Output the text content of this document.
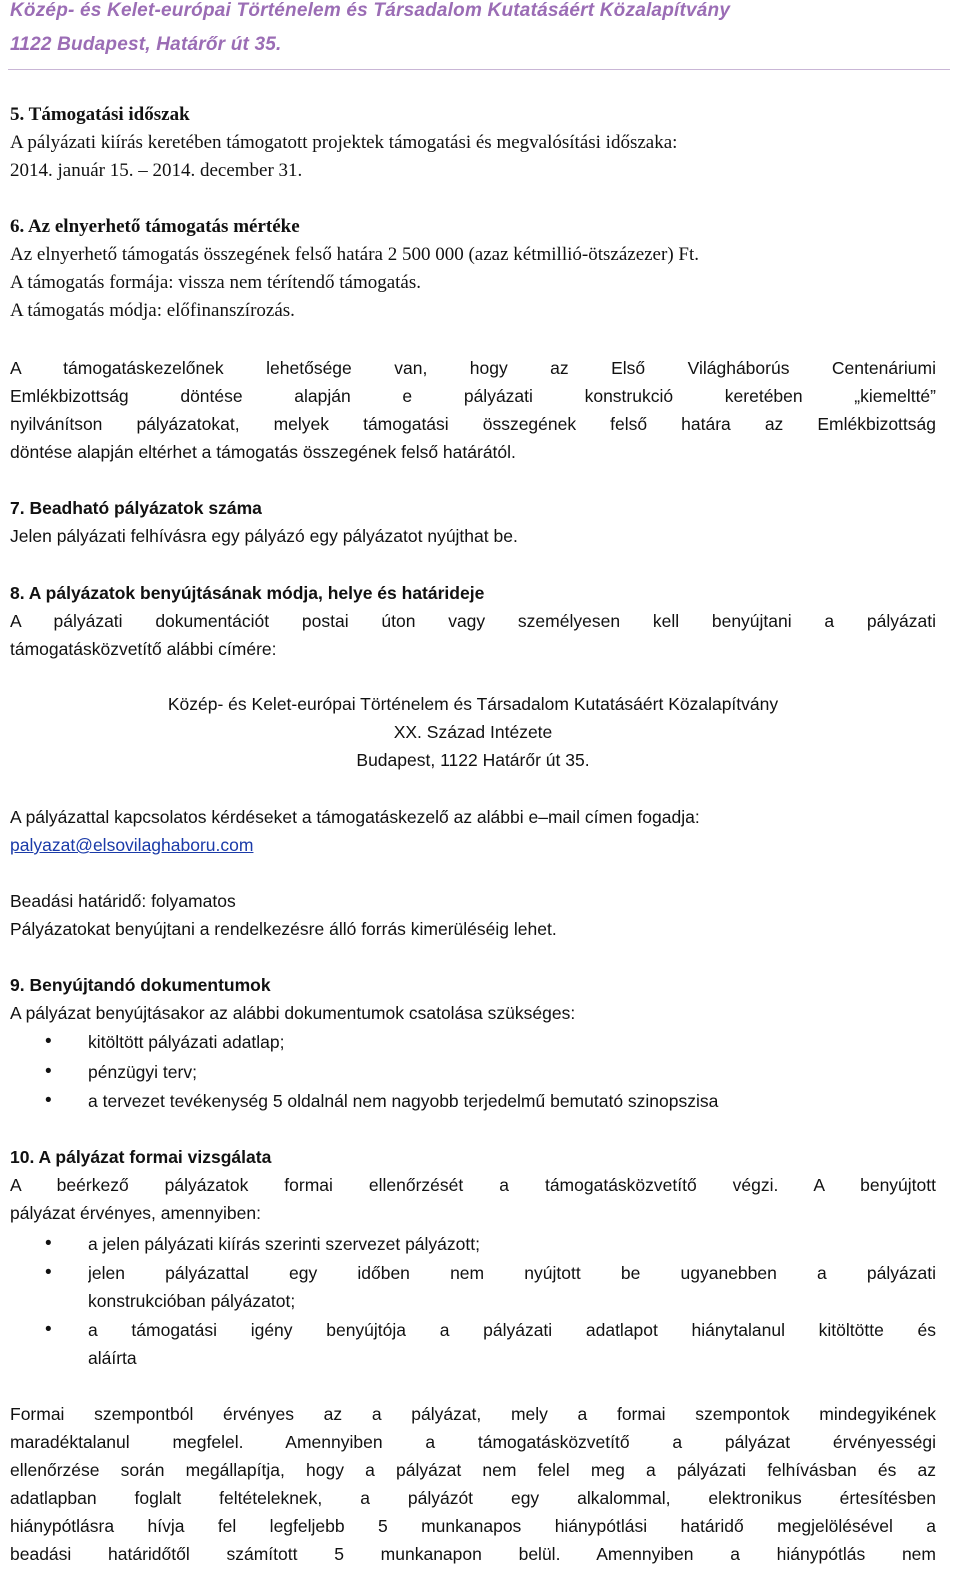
Közép- és Kelet-európai Történelem és Társadalom Kutatásáért Közalapítvány
1122 Budapest, Határőr út 35.
5. Támogatási időszak
A pályázati kiírás keretében támogatott projektek támogatási és megvalósítási időszaka:
2014. január 15. – 2014. december 31.
6. Az elnyerhető támogatás mértéke
Az elnyerhető támogatás összegének felső határa 2 500 000 (azaz kétmillió-ötszázezer) Ft.
A támogatás formája: vissza nem térítendő támogatás.
A támogatás módja: előfinanszírozás.
A támogatáskezelőnek lehetősége van, hogy az Első Világháborús Centenáriumi
Emlékbizottság döntése alapján e pályázati konstrukció keretében „kiemeltté”
nyilvánítson pályázatokat, melyek támogatási összegének felső határa az Emlékbizottság
döntése alapján eltérhet a támogatás összegének felső határától.
7. Beadható pályázatok száma
Jelen pályázati felhívásra egy pályázó egy pályázatot nyújthat be.
8. A pályázatok benyújtásának módja, helye és határideje
A pályázati dokumentációt postai úton vagy személyesen kell benyújtani a pályázati
támogatásközvetítő alábbi címére:
Közép- és Kelet-európai Történelem és Társadalom Kutatásáért Közalapítvány
XX. Század Intézete
Budapest, 1122 Határőr út 35.
A pályázattal kapcsolatos kérdéseket a támogatáskezelő az alábbi e–mail címen fogadja:
palyazat@elsovilaghaboru.com
Beadási határidő: folyamatos
Pályázatokat benyújtani a rendelkezésre álló forrás kimerüléséig lehet.
9. Benyújtandó dokumentumok
A pályázat benyújtásakor az alábbi dokumentumok csatolása szükséges:
• kitöltött pályázati adatlap;
• pénzügyi terv;
• a tervezet tevékenység 5 oldalnál nem nagyobb terjedelmű bemutató szinopszisa
10. A pályázat formai vizsgálata
A beérkező pályázatok formai ellenőrzését a támogatásközvetítő végzi. A benyújtott
pályázat érvényes, amennyiben:
• a jelen pályázati kiírás szerinti szervezet pályázott;
• jelen pályázattal egy időben nem nyújtott be ugyanebben a pályázati
konstrukcióban pályázatot;
• a támogatási igény benyújtója a pályázati adatlapot hiánytalanul kitöltötte és
aláírta
Formai szempontból érvényes az a pályázat, mely a formai szempontok mindegyikének
maradéktalanul megfelel. Amennyiben a támogatásközvetítő a pályázat érvényességi
ellenőrzése során megállapítja, hogy a pályázat nem felel meg a pályázati felhívásban és az
adatlapban foglalt feltételeknek, a pályázót egy alkalommal, elektronikus értesítésben
hiánypótlásra hívja fel legfeljebb 5 munkanapos hiánypótlási határidő megjelölésével a
beadási határidőtől számított 5 munkanapon belül. Amennyiben a hiánypótlás nem
